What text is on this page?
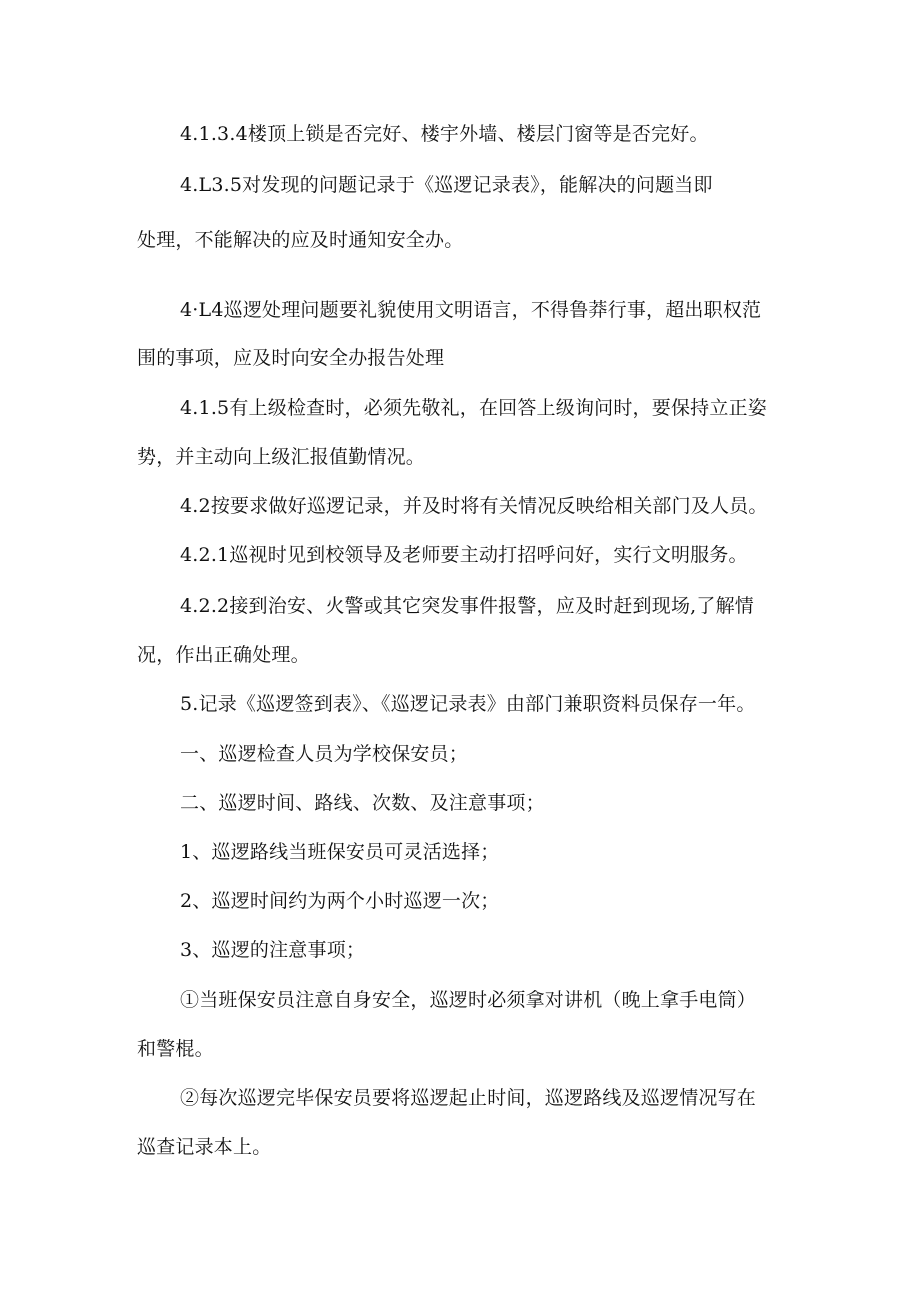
4.1.3.4楼顶上锁是否完好、楼宇外墙、楼层门窗等是否完好。
4.L3.5对发现的问题记录于《巡逻记录表》，能解决的问题当即
处理，不能解决的应及时通知安全办。
4·L4巡逻处理问题要礼貌使用文明语言，不得鲁莽行事，超出职权范
围的事项，应及时向安全办报告处理
4.1.5有上级检查时，必须先敬礼，在回答上级询问时，要保持立正姿
势，并主动向上级汇报值勤情况。
4.2按要求做好巡逻记录，并及时将有关情况反映给相关部门及人员。
4.2.1巡视时见到校领导及老师要主动打招呼问好，实行文明服务。
4.2.2接到治安、火警或其它突发事件报警，应及时赶到现场,了解情
况，作出正确处理。
5.记录《巡逻签到表》、《巡逻记录表》由部门兼职资料员保存一年。
一、巡逻检查人员为学校保安员；
二、巡逻时间、路线、次数、及注意事项；
1、巡逻路线当班保安员可灵活选择；
2、巡逻时间约为两个小时巡逻一次；
3、巡逻的注意事项；
①当班保安员注意自身安全，巡逻时必须拿对讲机（晚上拿手电筒）
和警棍。
②每次巡逻完毕保安员要将巡逻起止时间，巡逻路线及巡逻情况写在
巡查记录本上。
